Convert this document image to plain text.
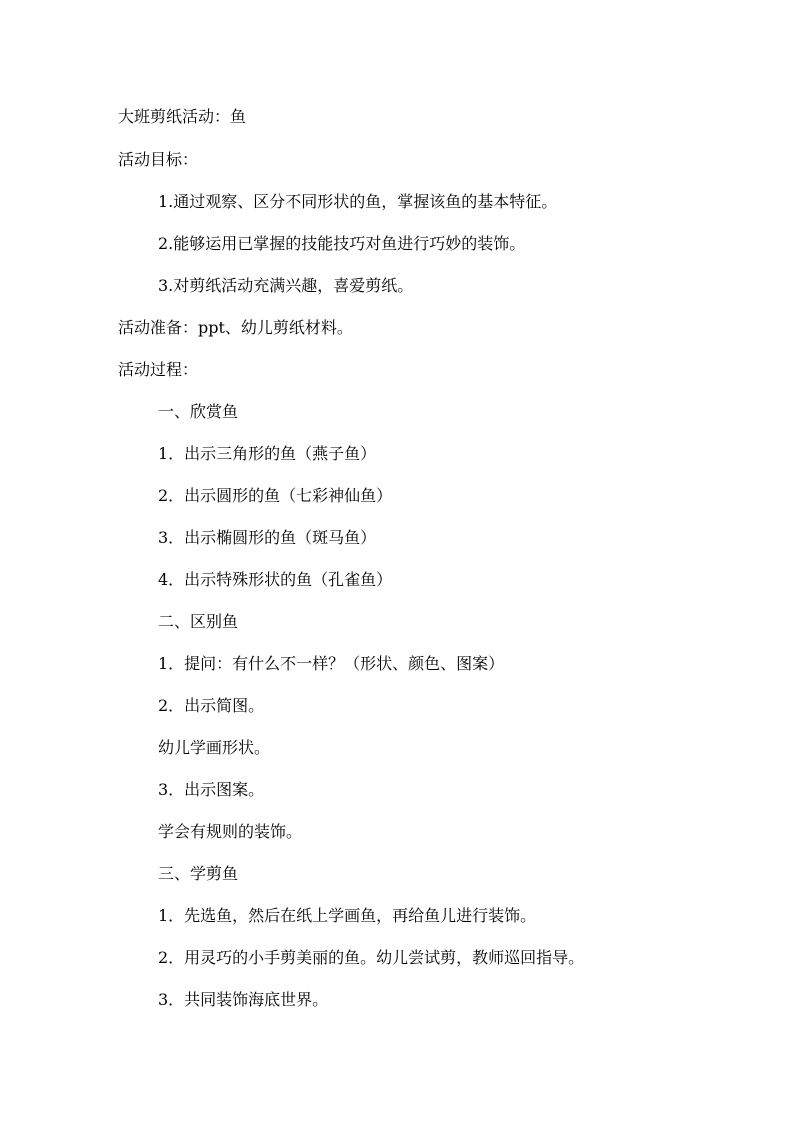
大班剪纸活动：鱼
活动目标：
1.通过观察、区分不同形状的鱼，掌握该鱼的基本特征。
2.能够运用已掌握的技能技巧对鱼进行巧妙的装饰。
3.对剪纸活动充满兴趣，喜爱剪纸。
活动准备：ppt、幼儿剪纸材料。
活动过程：
一、欣赏鱼
1．出示三角形的鱼（燕子鱼）
2．出示圆形的鱼（七彩神仙鱼）
3．出示椭圆形的鱼（斑马鱼）
4．出示特殊形状的鱼（孔雀鱼）
二、区别鱼
1．提问：有什么不一样？（形状、颜色、图案）
2．出示简图。
幼儿学画形状。
3．出示图案。
学会有规则的装饰。
三、学剪鱼
1．先选鱼，然后在纸上学画鱼，再给鱼儿进行装饰。
2．用灵巧的小手剪美丽的鱼。幼儿尝试剪，教师巡回指导。
3．共同装饰海底世界。
